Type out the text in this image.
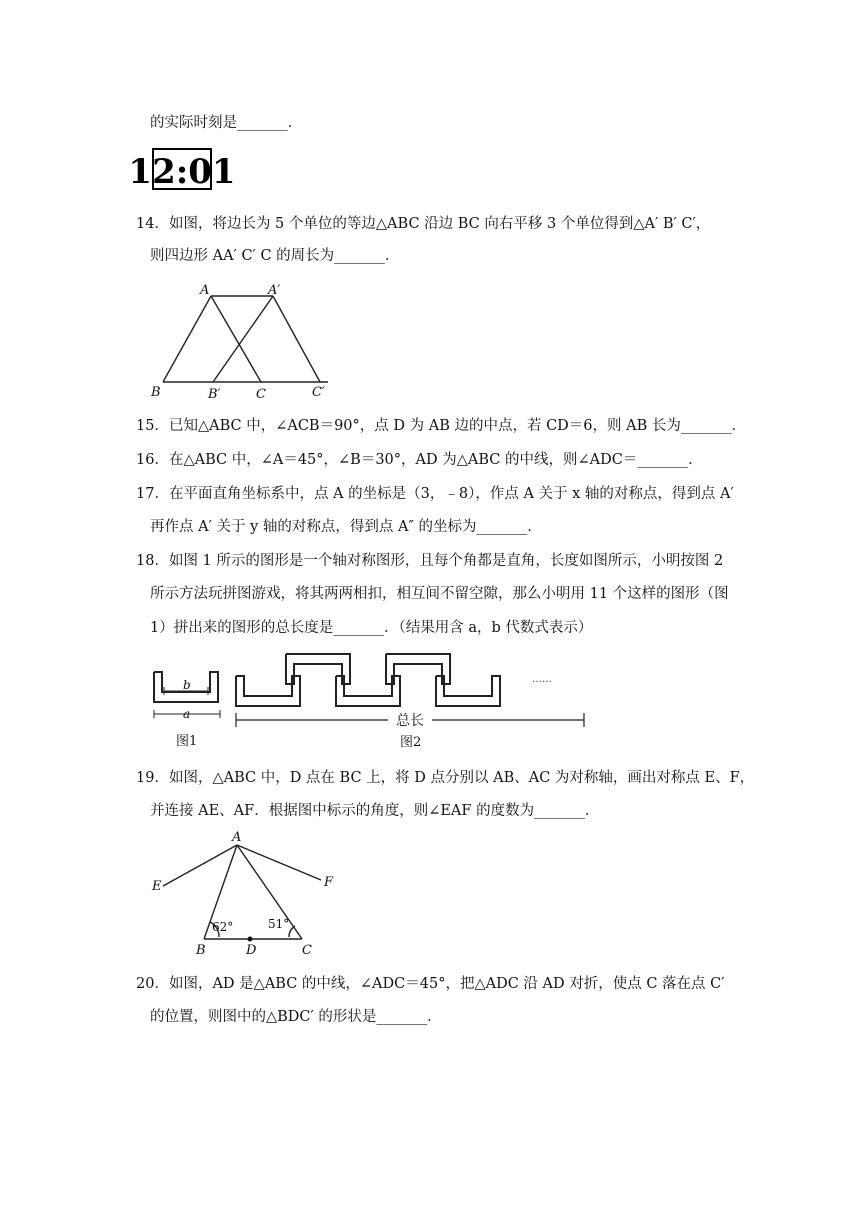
的实际时刻是_______．
12:01
14．如图，将边长为 5 个单位的等边△ABC 沿边 BC 向右平移 3 个单位得到△A′ B′ C′，
则四边形 AA′ C′ C 的周长为_______．
A	A′
B	B′	C	C′
15．已知△ABC 中，∠ACB＝90°，点 D 为 AB 边的中点，若 CD＝6，则 AB 长为_______．
16．在△ABC 中，∠A＝45°，∠B＝30°，AD 为△ABC 的中线，则∠ADC＝_______．
17．在平面直角坐标系中，点 A 的坐标是（3，﹣8），作点 A 关于 x 轴的对称点，得到点 A′
再作点 A′ 关于 y 轴的对称点，得到点 A″ 的坐标为_______．
18．如图 1 所示的图形是一个轴对称图形，且每个角都是直角，长度如图所示，小明按图 2
所示方法玩拼图游戏，将其两两相扣，相互间不留空隙，那么小明用 11 个这样的图形（图
1）拼出来的图形的总长度是_______．（结果用含 a，b 代数式表示）
b
a
图1
……
总长
图2
19．如图，△ABC 中，D 点在 BC 上，将 D 点分别以 AB、AC 为对称轴，画出对称点 E、F，
并连接 AE、AF．根据图中标示的角度，则∠EAF 的度数为_______．
A
E	F
B	D	C
62°	51°
20．如图，AD 是△ABC 的中线，∠ADC＝45°，把△ADC 沿 AD 对折，使点 C 落在点 C′
的位置，则图中的△BDC′ 的形状是_______．
